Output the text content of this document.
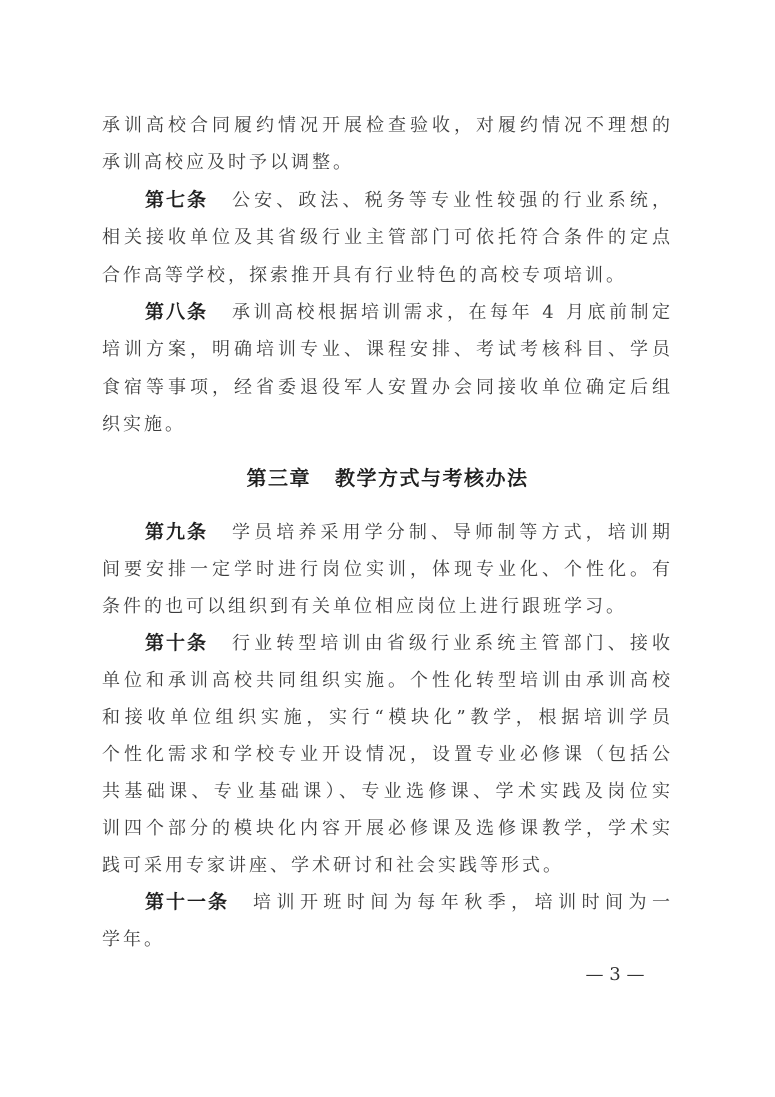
承训高校合同履约情况开展检查验收，对履约情况不理想的
承训高校应及时予以调整。
第七条 公安、政法、税务等专业性较强的行业系统，
相关接收单位及其省级行业主管部门可依托符合条件的定点
合作高等学校，探索推开具有行业特色的高校专项培训。
第八条 承训高校根据培训需求，在每年 4 月底前制定
培训方案，明确培训专业、课程安排、考试考核科目、学员
食宿等事项，经省委退役军人安置办会同接收单位确定后组
织实施。
第三章 教学方式与考核办法
第九条 学员培养采用学分制、导师制等方式，培训期
间要安排一定学时进行岗位实训，体现专业化、个性化。有
条件的也可以组织到有关单位相应岗位上进行跟班学习。
第十条 行业转型培训由省级行业系统主管部门、接收
单位和承训高校共同组织实施。个性化转型培训由承训高校
和接收单位组织实施，实行“模块化”教学，根据培训学员
个性化需求和学校专业开设情况，设置专业必修课（包括公
共基础课、专业基础课）、专业选修课、学术实践及岗位实
训四个部分的模块化内容开展必修课及选修课教学，学术实
践可采用专家讲座、学术研讨和社会实践等形式。
第十一条 培训开班时间为每年秋季，培训时间为一
学年。
— 3 —
